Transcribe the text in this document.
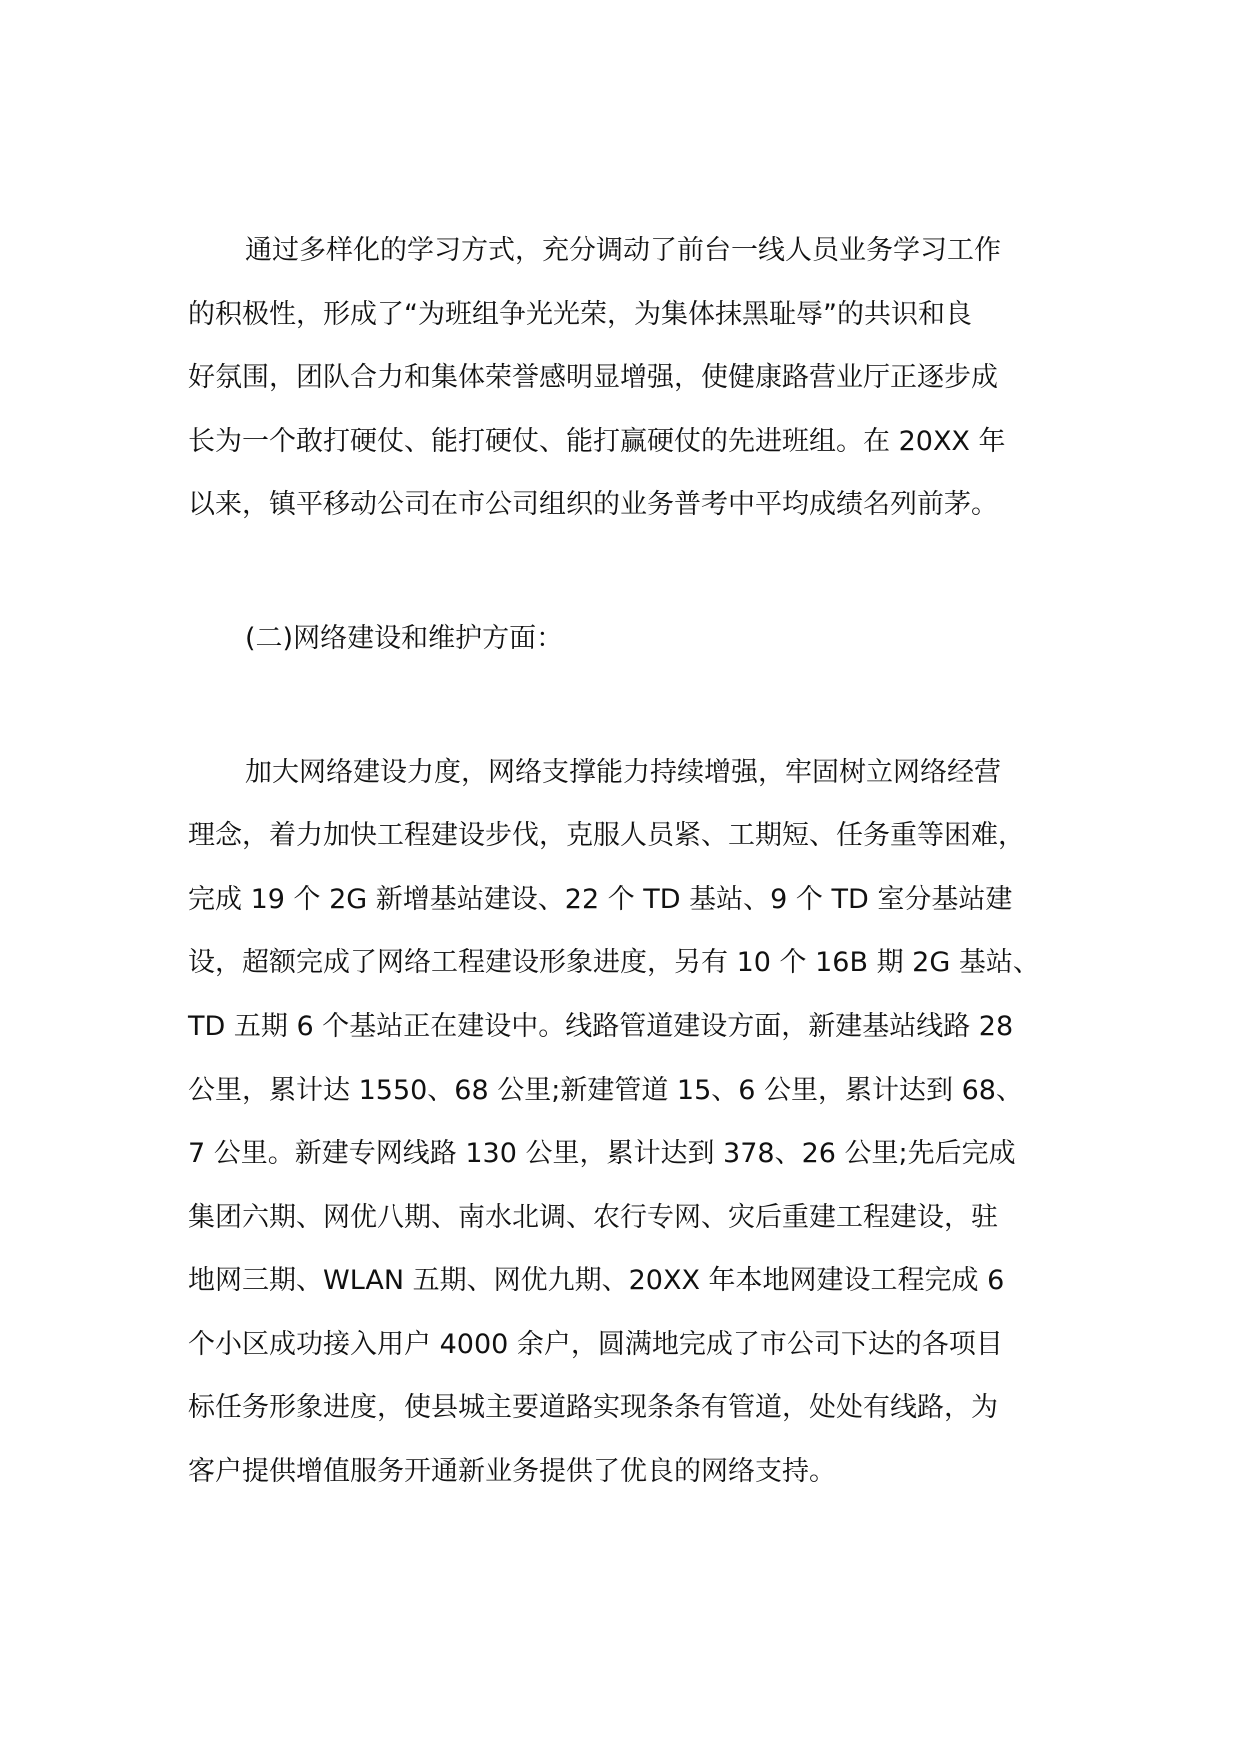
通过多样化的学习方式，充分调动了前台一线人员业务学习工作
的积极性，形成了“为班组争光光荣，为集体抹黑耻辱”的共识和良
好氛围，团队合力和集体荣誉感明显增强，使健康路营业厅正逐步成
长为一个敢打硬仗、能打硬仗、能打赢硬仗的先进班组。在 20XX 年
以来，镇平移动公司在市公司组织的业务普考中平均成绩名列前茅。
(二)网络建设和维护方面：
加大网络建设力度，网络支撑能力持续增强，牢固树立网络经营
理念，着力加快工程建设步伐，克服人员紧、工期短、任务重等困难，
完成 19 个 2G 新增基站建设、22 个 TD 基站、9 个 TD 室分基站建
设，超额完成了网络工程建设形象进度，另有 10 个 16B 期 2G 基站、
TD 五期 6 个基站正在建设中。线路管道建设方面，新建基站线路 28
公里，累计达 1550、68 公里;新建管道 15、6 公里，累计达到 68、
7 公里。新建专网线路 130 公里，累计达到 378、26 公里;先后完成
集团六期、网优八期、南水北调、农行专网、灾后重建工程建设，驻
地网三期、WLAN 五期、网优九期、20XX 年本地网建设工程完成 6
个小区成功接入用户 4000 余户，圆满地完成了市公司下达的各项目
标任务形象进度，使县城主要道路实现条条有管道，处处有线路，为
客户提供增值服务开通新业务提供了优良的网络支持。
